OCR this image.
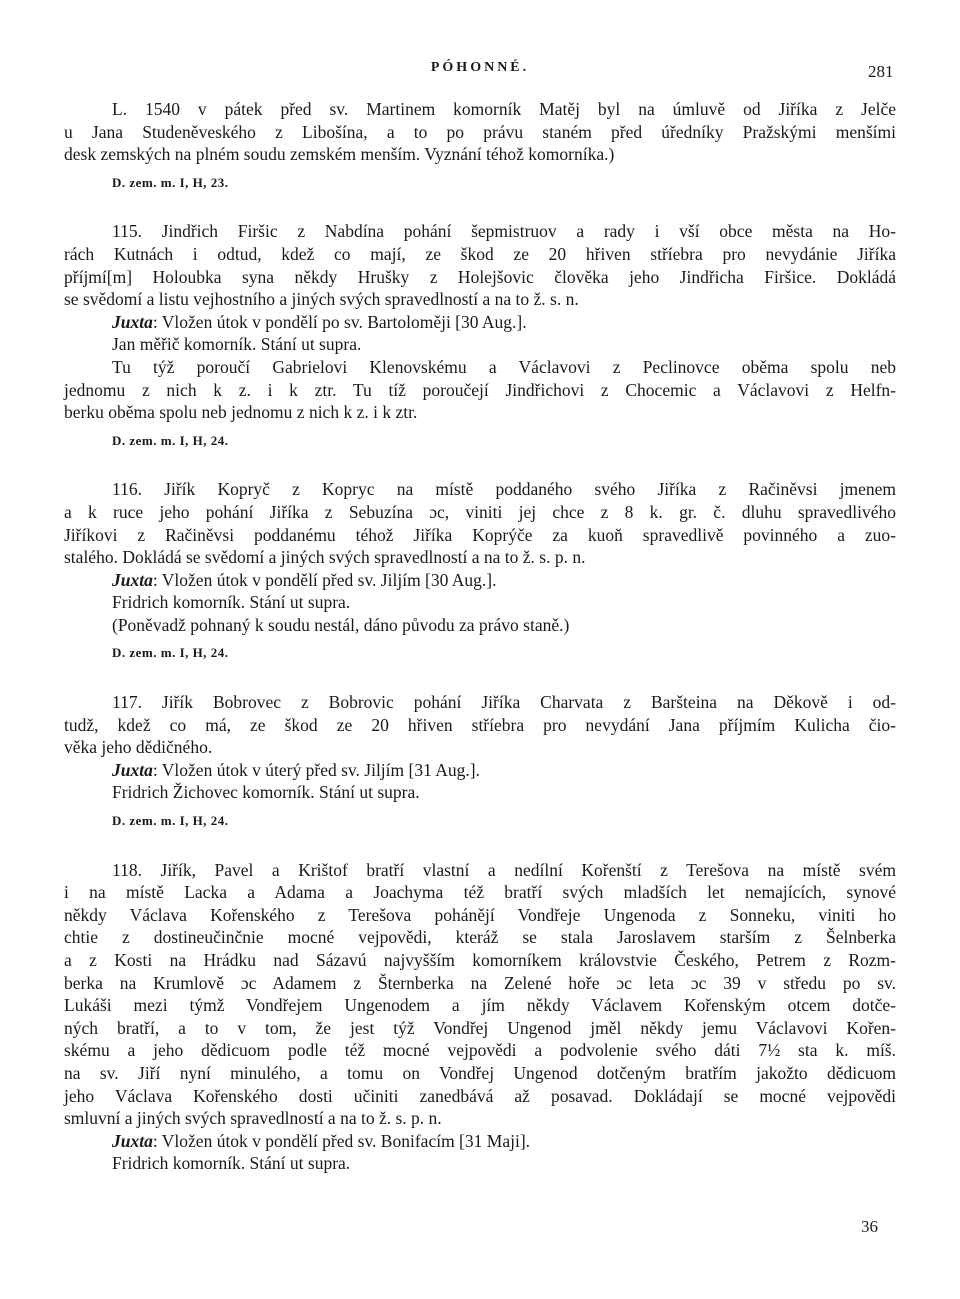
PÓHONNÉ.	281
L. 1540 v pátek před sv. Martinem komorník Matěj byl na úmluvě od Jiříka z Jelče
u Jana Studeněveského z Libošína, a to po právu staném před úředníky Pražskými menšími
desk zemských na plném soudu zemském menším. Vyznání téhož komorníka.)
D. zem. m. I, H, 23.
115. Jindřich Firšic z Nabdína pohání šepmistruov a rady i vší obce města na Ho-
rách Kutnách i odtud, kdež co mají, ze škod ze 20 hřiven stříebra pro nevydánie Jiříka
příjmí[m] Holoubka syna někdy Hrušky z Holejšovic člověka jeho Jindřicha Firšice. Dokládá
se svědomí a listu vejhostního a jiných svých spravedlností a na to ž. s. n.
Juxta: Vložen útok v pondělí po sv. Bartoloměji [30 Aug.].
Jan měřič komorník. Stání ut supra.
Tu týž poroučí Gabrielovi Klenovskému a Václavovi z Peclinovce oběma spolu neb
jednomu z nich k z. i k ztr. Tu tíž poroučejí Jindřichovi z Chocemic a Václavovi z Helfn-
berku oběma spolu neb jednomu z nich k z. i k ztr.
D. zem. m. I, H, 24.
116. Jiřík Kopryč z Kopryc na místě poddaného svého Jiříka z Račiněvsi jmenem
a k ruce jeho pohání Jiříka z Sebuzína ɔc, viniti jej chce z 8 k. gr. č. dluhu spravedlivého
Jiříkovi z Račiněvsi poddanému téhož Jiříka Koprýče za kuoň spravedlivě povinného a zuo-
stalého. Dokládá se svědomí a jiných svých spravedlností a na to ž. s. p. n.
Juxta: Vložen útok v pondělí před sv. Jiljím [30 Aug.].
Fridrich komorník. Stání ut supra.
(Poněvadž pohnaný k soudu nestál, dáno původu za právo staně.)
D. zem. m. I, H, 24.
117. Jiřík Bobrovec z Bobrovic pohání Jiříka Charvata z Baršteina na Děkově i od-
tudž, kdež co má, ze škod ze 20 hřiven stříebra pro nevydání Jana příjmím Kulicha čio-
věka jeho dědičného.
Juxta: Vložen útok v úterý před sv. Jiljím [31 Aug.].
Fridrich Žichovec komorník. Stání ut supra.
D. zem. m. I, H, 24.
118. Jiřík, Pavel a Krištof bratří vlastní a nedílní Kořenští z Terešova na místě svém
i na místě Lacka a Adama a Joachyma též bratří svých mladších let nemajících, synové
někdy Václava Kořenského z Terešova pohánějí Vondřeje Ungenoda z Sonneku, viniti ho
chtie z dostineučinčnie mocné vejpovědi, kteráž se stala Jaroslavem starším z Šelnberka
a z Kosti na Hrádku nad Sázavú najvyšším komorníkem královstvie Českého, Petrem z Rozm-
berka na Krumlově ɔc Adamem z Šternberka na Zelené hoře ɔc leta ɔc 39 v středu po sv.
Lukáši mezi týmž Vondřejem Ungenodem a jím někdy Václavem Kořenským otcem dotče-
ných bratří, a to v tom, že jest týž Vondřej Ungenod jměl někdy jemu Václavovi Kořen-
skému a jeho dědicuom podle též mocné vejpovědi a podvolenie svého dáti 7½ sta k. míš.
na sv. Jiří nyní minulého, a tomu on Vondřej Ungenod dotčeným bratřím jakožto dědicuom
jeho Václava Kořenského dosti učiniti zanedbává až posavad. Dokládají se mocné vejpovědi
smluvní a jiných svých spravedlností a na to ž. s. p. n.
Juxta: Vložen útok v pondělí před sv. Bonifacím [31 Maji].
Fridrich komorník. Stání ut supra.
36
